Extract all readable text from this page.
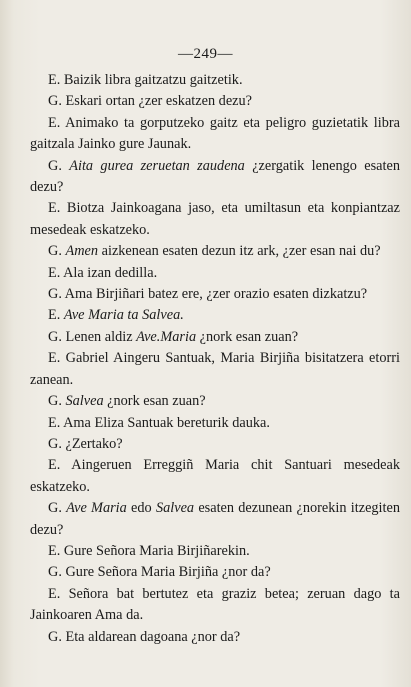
—249—

E. Baizik libra gaitzatzu gaitzetik.

G. Eskari ortan ¿zer eskatzen dezu?

E. Animako ta gorputzeko gaitz eta peligro guzietatik libra gaitzala Jainko gure Jaunak.

G. Aita gurea zeruetan zaudena ¿zergatik lenengo esaten dezu?

E. Biotza Jainkoagana jaso, eta umiltasun eta konpiantzaz mesedeak eskatzeko.

G. Amen aizkenean esaten dezun itz ark, ¿zer esan nai du?

E. Ala izan dedilla.

G. Ama Birjiñari batez ere, ¿zer orazio esaten dizkatzu?

E. Ave Maria ta Salvea.

G. Lenen aldiz Ave.Maria ¿nork esan zuan?

E. Gabriel Aingeru Santuak, Maria Birjiña bisitatzera etorri zanean.

G. Salvea ¿nork esan zuan?

E. Ama Eliza Santuak bereturik dauka.

G. ¿Zertako?

E. Aingeruen Erreggiñ Maria chit Santuari mesedeak eskatzeko.

G. Ave Maria edo Salvea esaten dezunean ¿norekin itzegiten dezu?

E. Gure Señora Maria Birjiñarekin.

G. Gure Señora Maria Birjiña ¿nor da?

E. Señora bat bertutez eta graziz betea; zeruan dago ta Jainkoaren Ama da.

G. Eta aldarean dagoana ¿nor da?
